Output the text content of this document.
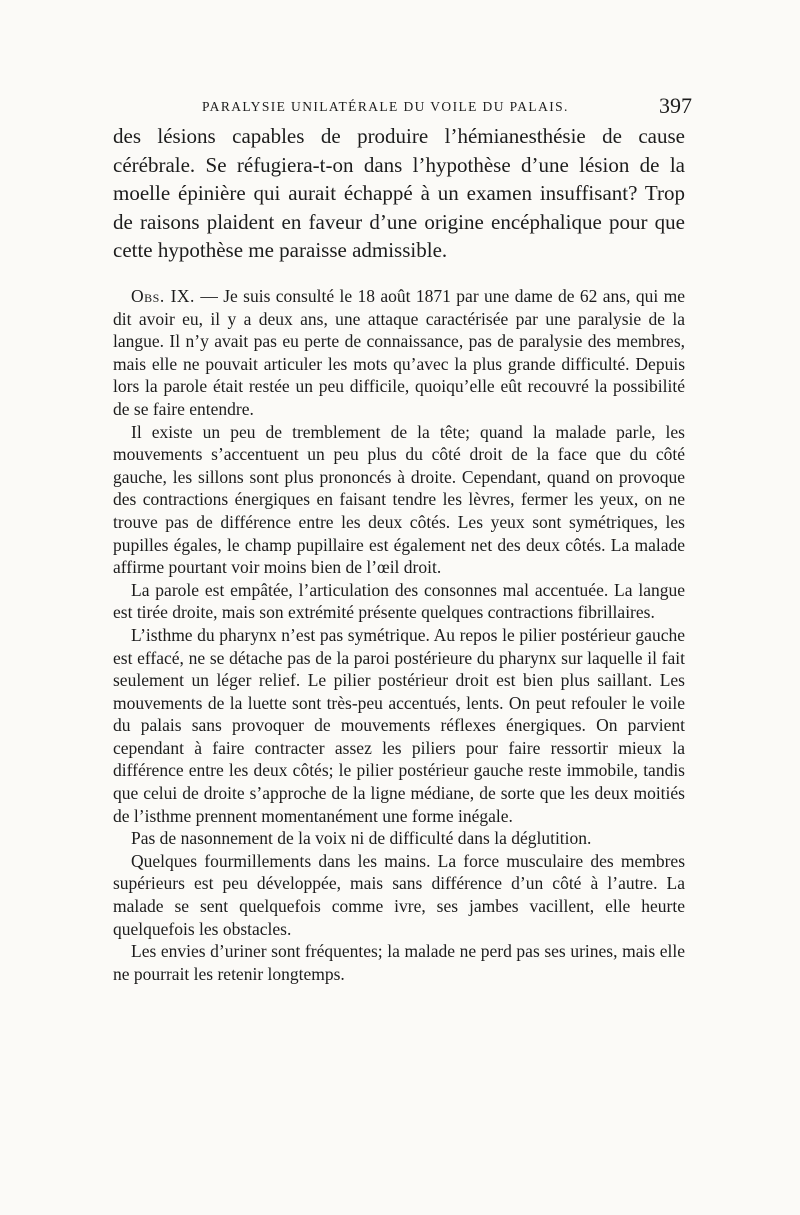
PARALYSIE UNILATÉRALE DU VOILE DU PALAIS.	397

des lésions capables de produire l’hémianesthésie de cause cérébrale. Se réfugiera-t-on dans l’hypothèse d’une lésion de la moelle épinière qui aurait échappé à un examen insuffisant? Trop de raisons plaident en faveur d’une origine encéphalique pour que cette hypothèse me paraisse admissible.

Obs. IX. — Je suis consulté le 18 août 1871 par une dame de 62 ans, qui me dit avoir eu, il y a deux ans, une attaque caractérisée par une paralysie de la langue. Il n’y avait pas eu perte de connaissance, pas de paralysie des membres, mais elle ne pouvait articuler les mots qu’avec la plus grande difficulté. Depuis lors la parole était restée un peu difficile, quoiqu’elle eût recouvré la possibilité de se faire entendre.

Il existe un peu de tremblement de la tête; quand la malade parle, les mouvements s’accentuent un peu plus du côté droit de la face que du côté gauche, les sillons sont plus prononcés à droite. Cependant, quand on provoque des contractions énergiques en faisant tendre les lèvres, fermer les yeux, on ne trouve pas de différence entre les deux côtés. Les yeux sont symétriques, les pupilles égales, le champ pupillaire est également net des deux côtés. La malade affirme pourtant voir moins bien de l’œil droit.

La parole est empâtée, l’articulation des consonnes mal accentuée. La langue est tirée droite, mais son extrémité présente quelques contractions fibrillaires.

L’isthme du pharynx n’est pas symétrique. Au repos le pilier postérieur gauche est effacé, ne se détache pas de la paroi postérieure du pharynx sur laquelle il fait seulement un léger relief. Le pilier postérieur droit est bien plus saillant. Les mouvements de la luette sont très-peu accentués, lents. On peut refouler le voile du palais sans provoquer de mouvements réflexes énergiques. On parvient cependant à faire contracter assez les piliers pour faire ressortir mieux la différence entre les deux côtés; le pilier postérieur gauche reste immobile, tandis que celui de droite s’approche de la ligne médiane, de sorte que les deux moitiés de l’isthme prennent momentanément une forme inégale.

Pas de nasonnement de la voix ni de difficulté dans la déglutition.

Quelques fourmillements dans les mains. La force musculaire des membres supérieurs est peu développée, mais sans différence d’un côté à l’autre. La malade se sent quelquefois comme ivre, ses jambes vacillent, elle heurte quelquefois les obstacles.

Les envies d’uriner sont fréquentes; la malade ne perd pas ses urines, mais elle ne pourrait les retenir longtemps.
